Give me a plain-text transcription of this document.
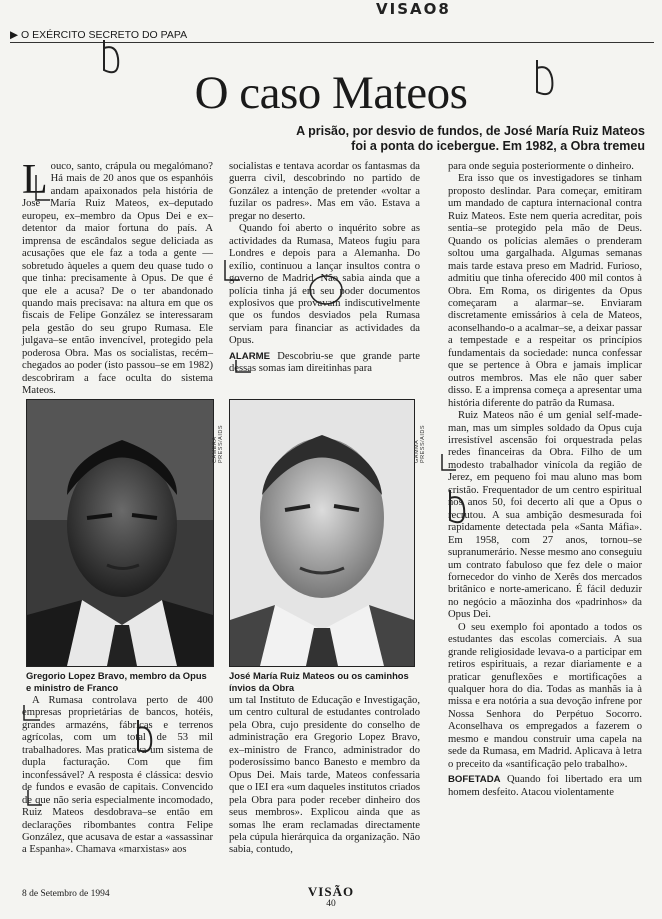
VISAO8
▶ O EXÉRCITO SECRETO DO PAPA
O caso Mateos
A prisão, por desvio de fundos, de José María Ruiz Mateos
foi a ponta do icebergue. Em 1982, a Obra tremeu

Louco, santo, crápula ou megalómano? Há mais de 20 anos que os espanhóis andam apaixonados pela história de José María Ruiz Mateos, ex–deputado europeu, ex–membro da Opus Dei e ex–detentor da maior fortuna do país. A imprensa de escândalos segue deliciada as acusações que ele faz a toda a gente — sobretudo àqueles a quem deu quase tudo o que tinha: precisamente à Opus. De que é que ele a acusa? De o ter abandonado quando mais precisava: na altura em que os fiscais de Felipe González se interessaram pela gestão do seu grupo Rumasa. Ele julgava–se então invencível, protegido pela poderosa Obra. Mas os socialistas, recém–chegados ao poder (isto passou–se em 1982) descobriram a face oculta do sistema Mateos.

socialistas e tentava acordar os fantasmas da guerra civil, descobrindo no partido de González a intenção de pretender «voltar a fuzilar os padres». Mas em vão. Estava a pregar no deserto.

Quando foi aberto o inquérito sobre as actividades da Rumasa, Mateos fugiu para Londres e depois para a Alemanha. Do exílio, continuou a lançar insultos contra o governo de Madrid. Não sabia ainda que a polícia tinha já em seu poder documentos explosivos que provavam indiscutivelmente que os fundos desviados pela Rumasa serviam para financiar as actividades da Opus.

ALARME Descobriu-se que grande parte dessas somas iam direitinhas para

para onde seguia posteriormente o dinheiro.

Era isso que os investigadores se tinham proposto deslindar. Para começar, emitiram um mandado de captura internacional contra Ruiz Mateos. Este nem queria acreditar, pois sentia–se protegido pela mão de Deus. Quando os polícias alemães o prenderam soltou uma gargalhada. Algumas semanas mais tarde estava preso em Madrid. Furioso, admitiu que tinha oferecido 400 mil contos à Obra. Em Roma, os dirigentes da Opus começaram a alarmar–se. Enviaram discretamente emissários à cela de Mateos, aconselhando-o a acalmar–se, a deixar passar a tempestade e a respeitar os princípios fundamentais da sociedade: nunca confessar que se pertence à Obra e jamais implicar outros membros. Mas ele não quer saber disso. E a imprensa começa a apresentar uma história diferente do patrão da Rumasa.

Ruiz Mateos não é um genial self-made-man, mas um simples soldado da Opus cuja irresistível ascensão foi orquestrada pelas redes financeiras da Obra. Filho de um modesto trabalhador vinícola da região de Jerez, em pequeno foi mau aluno mas bom cristão. Frequentador de um centro espiritual nos anos 50, foi decerto ali que a Opus o recrutou. A sua ambição desmesurada foi rapidamente detectada pela «Santa Máfia». Em 1958, com 27 anos, tornou–se supranumerário. Nesse mesmo ano conseguiu um contrato fabuloso que fez dele o maior fornecedor do vinho de Xerês dos mercados britânico e norte-americano. É fácil deduzir no negócio a mãozinha dos «padrinhos» da Opus Dei.

O seu exemplo foi apontado a todos os estudantes das escolas comerciais. A sua grande religiosidade levava-o a participar em retiros espirituais, a rezar diariamente e a praticar genuflexões e mortificações a qualquer hora do dia. Todas as manhãs ia à missa e era notória a sua devoção infrene por Nossa Senhora do Perpétuo Socorro. Aconselhava os empregados a fazerem o mesmo e mandou construir uma capela na sede da Rumasa, em Madrid. Aplicava à letra o preceito da «santificação pelo trabalho».

BOFETADA Quando foi libertado era um homem desfeito. Atacou violentamente

CAMERA PRESS/AIDS
Gregorio Lopez Bravo, membro da Opus e ministro de Franco
GAMMA PRESS/AIDS
José María Ruiz Mateos ou os caminhos ínvios da Obra

A Rumasa controlava perto de 400 empresas proprietárias de bancos, hotéis, grandes armazéns, fábricas e terrenos agrícolas, com um total de 53 mil trabalhadores. Mas praticava um sistema de dupla facturação. Com que fim inconfessável? A resposta é clássica: desvio de fundos e evasão de capitais. Convencido de que não seria especialmente incomodado, Ruiz Mateos desdobrava–se então em declarações ribombantes contra Felipe González, que acusava de estar a «assassinar a Espanha». Chamava «marxistas» aos

um tal Instituto de Educação e Investigação, um centro cultural de estudantes controlado pela Obra, cujo presidente do conselho de administração era Gregorio Lopez Bravo, ex–ministro de Franco, administrador do poderosíssimo banco Banesto e membro da Opus Dei. Mais tarde, Mateos confessaria que o IEI era «um daqueles institutos criados pela Obra para poder receber dinheiro dos seus membros». Explicou ainda que as somas lhe eram reclamadas directamente pela cúpula hierárquica da organização. Não sabia, contudo,

8 de Setembro de 1994	VISÃO
40
